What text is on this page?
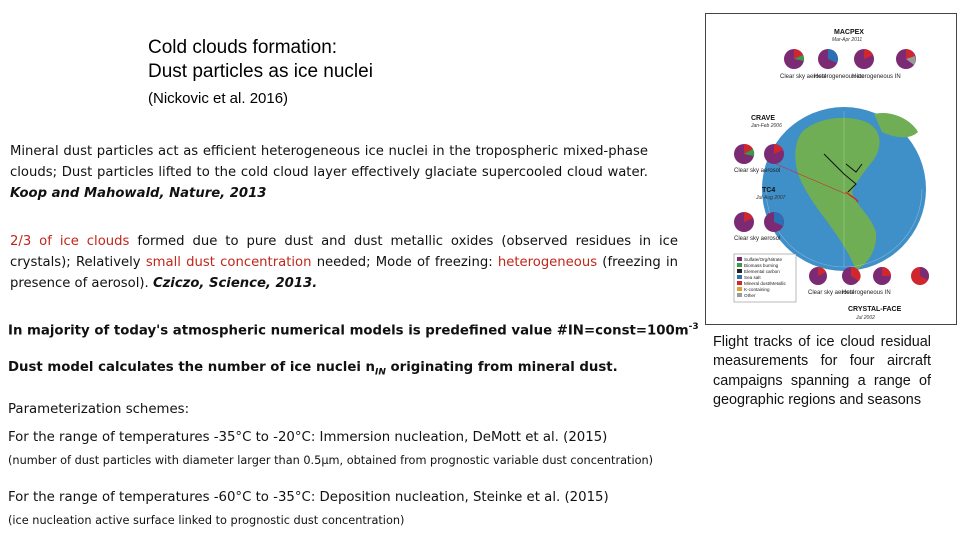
Cold clouds formation:
Dust particles as ice nuclei
(Nickovic et al. 2016)
Mineral dust particles act as efficient heterogeneous ice nuclei in the tropospheric mixed-phase clouds; Dust particles lifted to the cold cloud layer effectively glaciate supercooled cloud water. Koop and Mahowald, Nature, 2013
2/3 of ice clouds formed due to pure dust and dust metallic oxides (observed residues in ice crystals); Relatively small dust concentration needed; Mode of freezing: heterogeneous (freezing in presence of aerosol). Cziczo, Science, 2013.
In majority of today's atmospheric numerical models is predefined value $\#IN=const=100m^{-3}$
Dust model calculates the number of ice nuclei $n_{IN}$ originating from mineral dust.
Parameterization schemes:
For the range of temperatures -35°C to -20°C: Immersion nucleation, DeMott et al. (2015)
(number of dust particles with diameter larger than 0.5μm, obtained from prognostic variable dust concentration)
For the range of temperatures -60°C to -35°C: Deposition nucleation, Steinke et al. (2015)
(ice nucleation active surface linked to prognostic dust concentration)
MACPEX
Mar-Apr 2011
Clear sky aerosol
Heterogeneous ice
Heterogeneous IN
CRAVE
Jan-Feb 2006
Clear sky aerosol
TC4
Jul-Aug 2007
Clear sky aerosol
Sulfate/Org/Nitrate
Biomass burning
Elemental carbon
Sea salt
Mineral dust/Metallic
K-containing
Other	Clear sky aerosol
Heterogeneous IN
CRYSTAL-FACE
Jul 2002
Flight tracks of ice cloud residual measurements for four aircraft campaigns spanning a range of geographic regions and seasons
